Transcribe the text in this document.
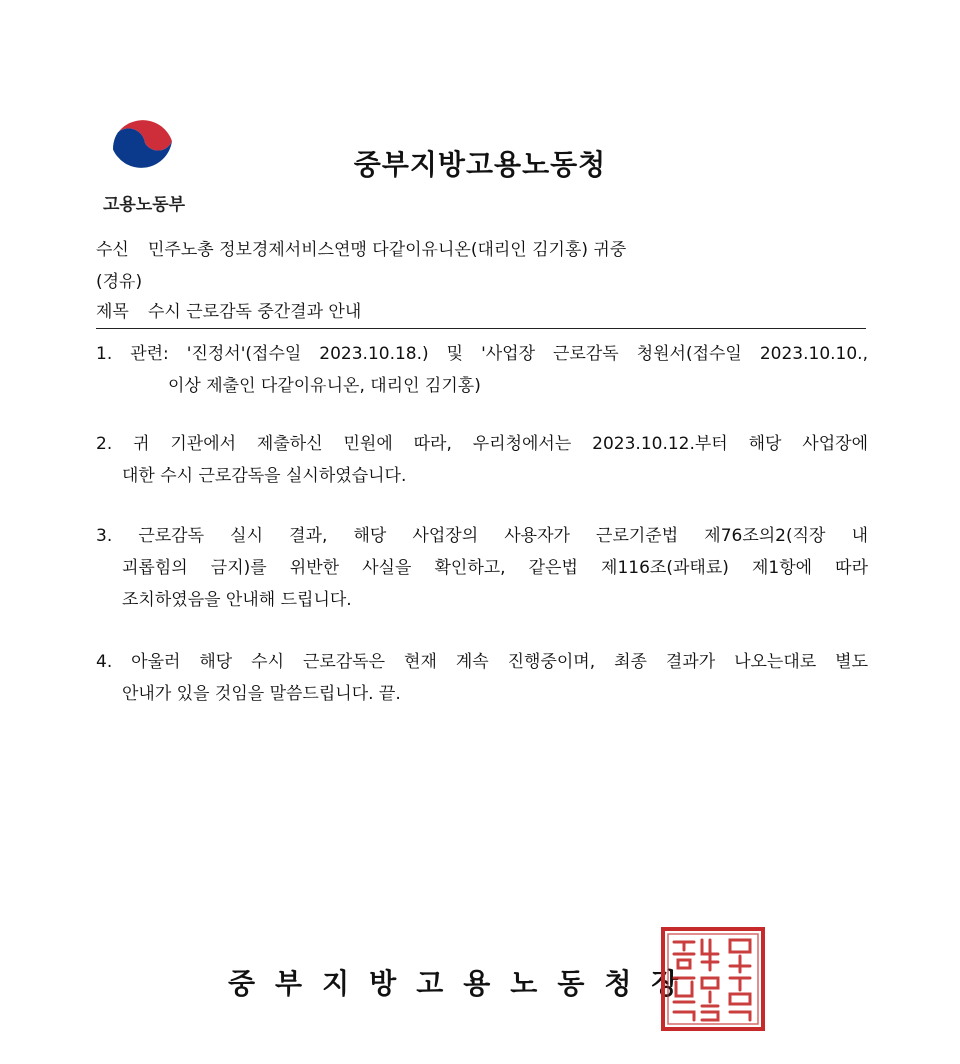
고용노동부
중부지방고용노동청
수신 민주노총 정보경제서비스연맹 다같이유니온(대리인 김기홍) 귀중
(경유)
제목 수시 근로감독 중간결과 안내
1. 관련: '진정서'(접수일 2023.10.18.) 및 '사업장 근로감독 청원서(접수일 2023.10.10.,
이상 제출인 다같이유니온, 대리인 김기홍)
2. 귀 기관에서 제출하신 민원에 따라, 우리청에서는 2023.10.12.부터 해당 사업장에
대한 수시 근로감독을 실시하였습니다.
3. 근로감독 실시 결과, 해당 사업장의 사용자가 근로기준법 제76조의2(직장 내
괴롭힘의 금지)를 위반한 사실을 확인하고, 같은법 제116조(과태료) 제1항에 따라
조치하였음을 안내해 드립니다.
4. 아울러 해당 수시 근로감독은 현재 계속 진행중이며, 최종 결과가 나오는대로 별도
안내가 있을 것임을 말씀드립니다. 끝.
중부지방고용노동청장
